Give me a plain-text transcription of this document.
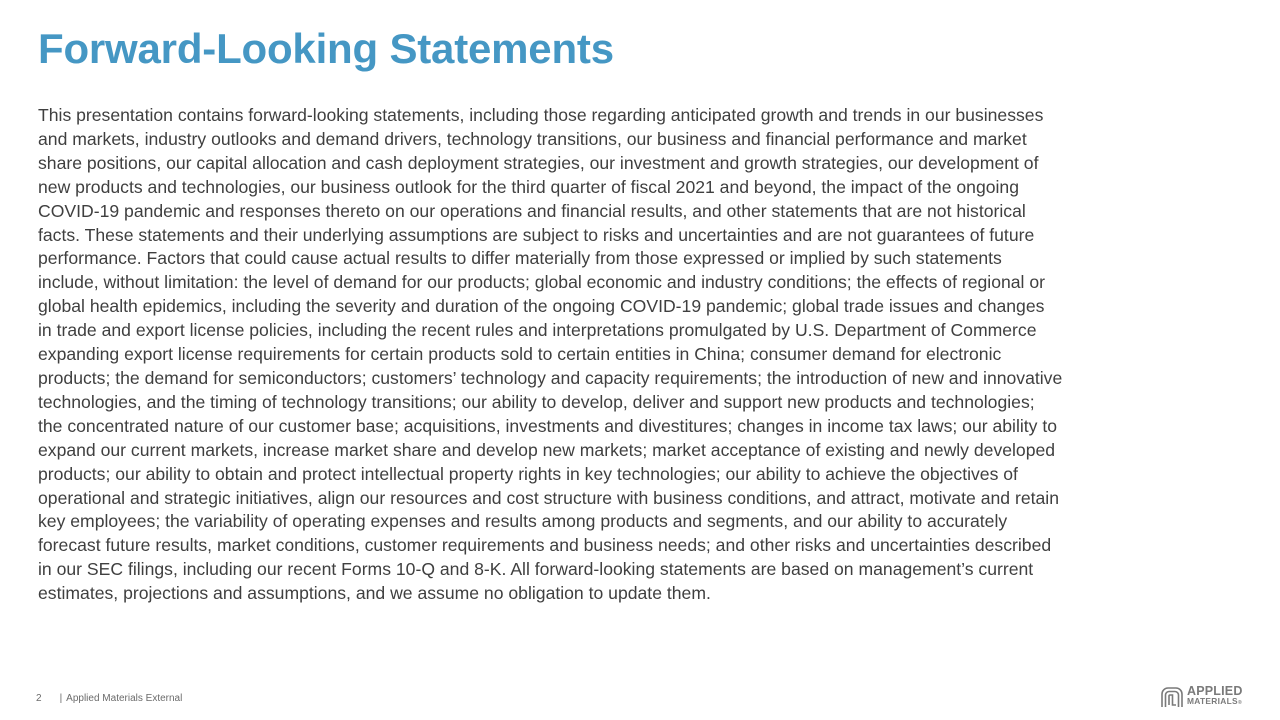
Forward-Looking Statements
This presentation contains forward-looking statements, including those regarding anticipated growth and trends in our businesses
and markets, industry outlooks and demand drivers, technology transitions, our business and financial performance and market
share positions, our capital allocation and cash deployment strategies, our investment and growth strategies, our development of
new products and technologies, our business outlook for the third quarter of fiscal 2021 and beyond, the impact of the ongoing
COVID-19 pandemic and responses thereto on our operations and financial results, and other statements that are not historical
facts. These statements and their underlying assumptions are subject to risks and uncertainties and are not guarantees of future
performance. Factors that could cause actual results to differ materially from those expressed or implied by such statements
include, without limitation: the level of demand for our products; global economic and industry conditions; the effects of regional or
global health epidemics, including the severity and duration of the ongoing COVID-19 pandemic; global trade issues and changes
in trade and export license policies, including the recent rules and interpretations promulgated by U.S. Department of Commerce
expanding export license requirements for certain products sold to certain entities in China; consumer demand for electronic
products; the demand for semiconductors; customers’ technology and capacity requirements; the introduction of new and innovative
technologies, and the timing of technology transitions; our ability to develop, deliver and support new products and technologies;
the concentrated nature of our customer base; acquisitions, investments and divestitures; changes in income tax laws; our ability to
expand our current markets, increase market share and develop new markets; market acceptance of existing and newly developed
products; our ability to obtain and protect intellectual property rights in key technologies; our ability to achieve the objectives of
operational and strategic initiatives, align our resources and cost structure with business conditions, and attract, motivate and retain
key employees; the variability of operating expenses and results among products and segments, and our ability to accurately
forecast future results, market conditions, customer requirements and business needs; and other risks and uncertainties described
in our SEC filings, including our recent Forms 10-Q and 8-K. All forward-looking statements are based on management’s current
estimates, projections and assumptions, and we assume no obligation to update them.
2 | Applied Materials External
APPLIED
MATERIALS®
